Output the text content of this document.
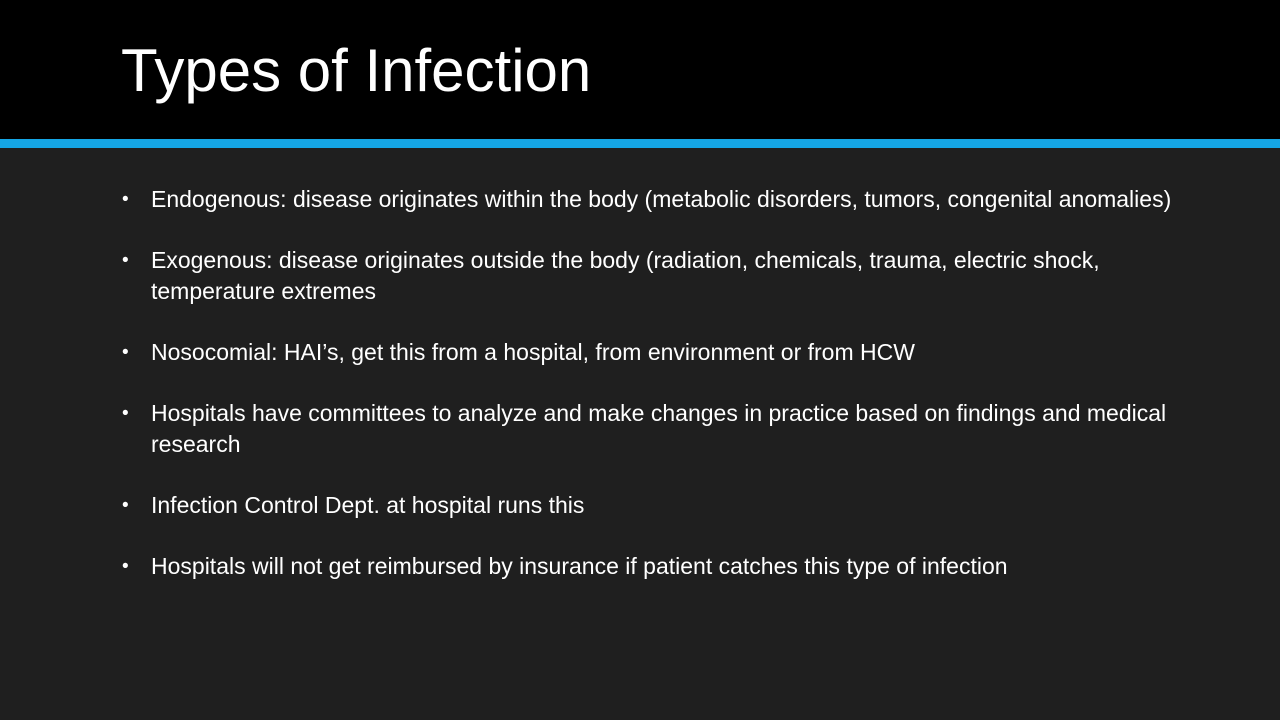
Types of Infection
• Endogenous: disease originates within the body (metabolic disorders, tumors, congenital anomalies)
• Exogenous: disease originates outside the body (radiation, chemicals, trauma, electric shock, temperature extremes
• Nosocomial: HAI’s, get this from a hospital, from environment or from HCW
• Hospitals have committees to analyze and make changes in practice based on findings and medical research
• Infection Control Dept. at hospital runs this
• Hospitals will not get reimbursed by insurance if patient catches this type of infection
